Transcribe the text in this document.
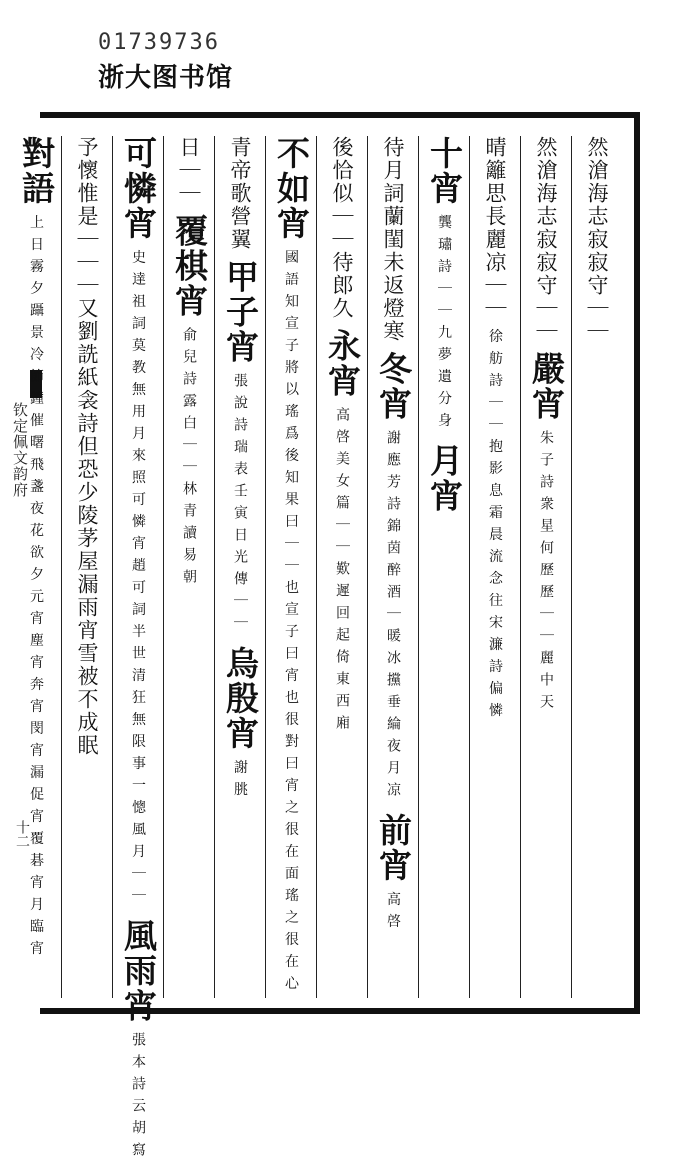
01739736
浙大图书馆
钦定佩文韵府
十二
然滄海志寂寂守｜｜
然滄海志寂寂守｜｜ 嚴宵 朱子詩衆星何歷歷｜｜麗中天
晴籬思長麗凉｜｜ 徐舫詩｜｜抱影息霜晨流念往宋濂詩偏憐
十宵 龔璛詩｜｜九夢遺分身 月宵
待月詞蘭閨未返燈寒 冬宵 謝應芳詩錦茵醉酒｜暖冰攩垂綸夜月凉 前宵 高啓
後恰似｜｜待郎久 永宵 高啓美女篇｜｜歎遲回起倚東西廂
不如宵 國語知宣子將以瑤爲後知果曰｜｜也宣子曰宵也很對曰宵之很在面瑤之很在心
青帝歌營翼 甲子宵 張說詩瑞表壬寅日光傳｜｜ 烏殷宵 謝朓
日｜｜ 覆棋宵 俞兒詩露白｜｜林青讀易朝
可憐宵 史達祖詞莫教無用月來照可憐宵趙可詞半世清狂無限事一憁風月｜｜ 風雨宵 張本詩云胡寫
予懷惟是｜｜｜又劉詵紙衾詩但恐少陵茅屋漏雨宵雪被不成眠
對語 上日霧夕躡景冷節鐘催曙飛盞夜花欲夕元宵塵宵奔宵閔宵漏促宵覆碁宵月臨宵
